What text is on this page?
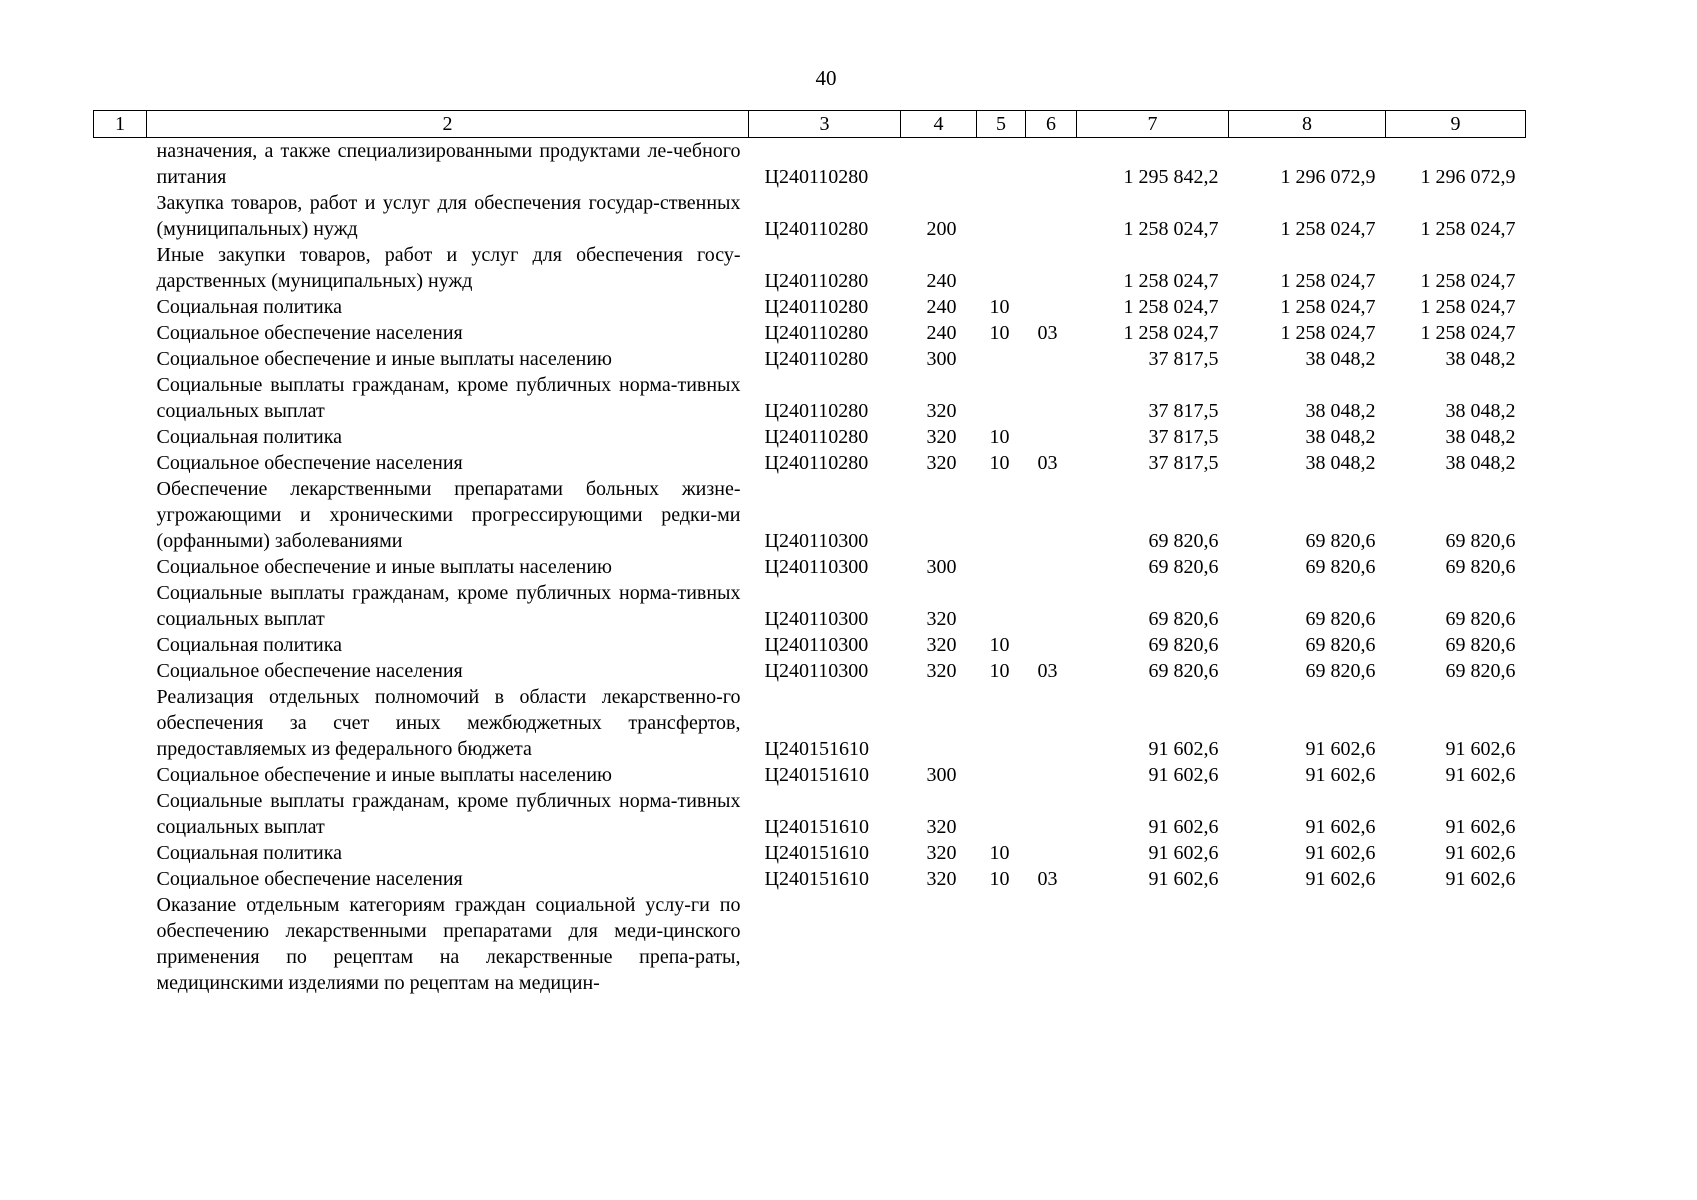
40
1	2	3	4	5	6	7	8	9
	назначения, а также специализированными продуктами ле-чебного питания	Ц240110280				1 295 842,2	1 296 072,9	1 296 072,9
	Закупка товаров, работ и услуг для обеспечения государ-ственных (муниципальных) нужд	Ц240110280	200			1 258 024,7	1 258 024,7	1 258 024,7
	Иные закупки товаров, работ и услуг для обеспечения госу-дарственных (муниципальных) нужд	Ц240110280	240			1 258 024,7	1 258 024,7	1 258 024,7
	Социальная политика	Ц240110280	240	10		1 258 024,7	1 258 024,7	1 258 024,7
	Социальное обеспечение населения	Ц240110280	240	10	03	1 258 024,7	1 258 024,7	1 258 024,7
	Социальное обеспечение и иные выплаты населению	Ц240110280	300			37 817,5	38 048,2	38 048,2
	Социальные выплаты гражданам, кроме публичных норма-тивных социальных выплат	Ц240110280	320			37 817,5	38 048,2	38 048,2
	Социальная политика	Ц240110280	320	10		37 817,5	38 048,2	38 048,2
	Социальное обеспечение населения	Ц240110280	320	10	03	37 817,5	38 048,2	38 048,2
	Обеспечение лекарственными препаратами больных жизне-угрожающими и хроническими прогрессирующими редки-ми (орфанными) заболеваниями	Ц240110300				69 820,6	69 820,6	69 820,6
	Социальное обеспечение и иные выплаты населению	Ц240110300	300			69 820,6	69 820,6	69 820,6
	Социальные выплаты гражданам, кроме публичных норма-тивных социальных выплат	Ц240110300	320			69 820,6	69 820,6	69 820,6
	Социальная политика	Ц240110300	320	10		69 820,6	69 820,6	69 820,6
	Социальное обеспечение населения	Ц240110300	320	10	03	69 820,6	69 820,6	69 820,6
	Реализация отдельных полномочий в области лекарственно-го обеспечения за счет иных межбюджетных трансфертов, предоставляемых из федерального бюджета	Ц240151610				91 602,6	91 602,6	91 602,6
	Социальное обеспечение и иные выплаты населению	Ц240151610	300			91 602,6	91 602,6	91 602,6
	Социальные выплаты гражданам, кроме публичных норма-тивных социальных выплат	Ц240151610	320			91 602,6	91 602,6	91 602,6
	Социальная политика	Ц240151610	320	10		91 602,6	91 602,6	91 602,6
	Социальное обеспечение населения	Ц240151610	320	10	03	91 602,6	91 602,6	91 602,6
	Оказание отдельным категориям граждан социальной услу-ги по обеспечению лекарственными препаратами для меди-цинского применения по рецептам на лекарственные препа-раты, медицинскими изделиями по рецептам на медицин-							
